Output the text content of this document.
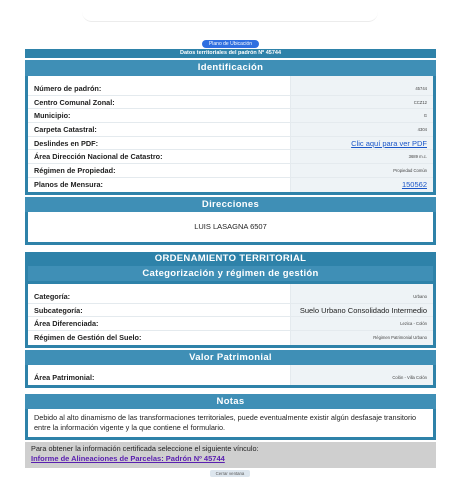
Plano de Ubicación
Datos territoriales del padrón Nº 45744
Identificación
Número de padrón:	45744
Centro Comunal Zonal:	CCZ12
Municipio:	G
Carpeta Catastral:	4304
Deslindes en PDF:	Clic aquí para ver PDF
Área Dirección Nacional de Catastro:	3689 m.c.
Régimen de Propiedad:	Propiedad Común
Planos de Mensura:	150562
Direcciones
LUIS LASAGNA 6507
ORDENAMIENTO TERRITORIAL
Categorización y régimen de gestión
Categoría:	Urbano
Subcategoría:	Suelo Urbano Consolidado Intermedio
Área Diferenciada:	Lezica - Colón
Régimen de Gestión del Suelo:	Régimen Patrimonial Urbano
Valor Patrimonial
Área Patrimonial:	Colón - Villa Colón
Notas
Debido al alto dinamismo de las transformaciones territoriales, puede eventualmente existir algún desfasaje transitorio entre la información vigente y la que contiene el formulario.
Para obtener la información certificada seleccione el siguiente vínculo:
Informe de Alineaciones de Parcelas: Padrón Nº 45744
Cerrar ventana
